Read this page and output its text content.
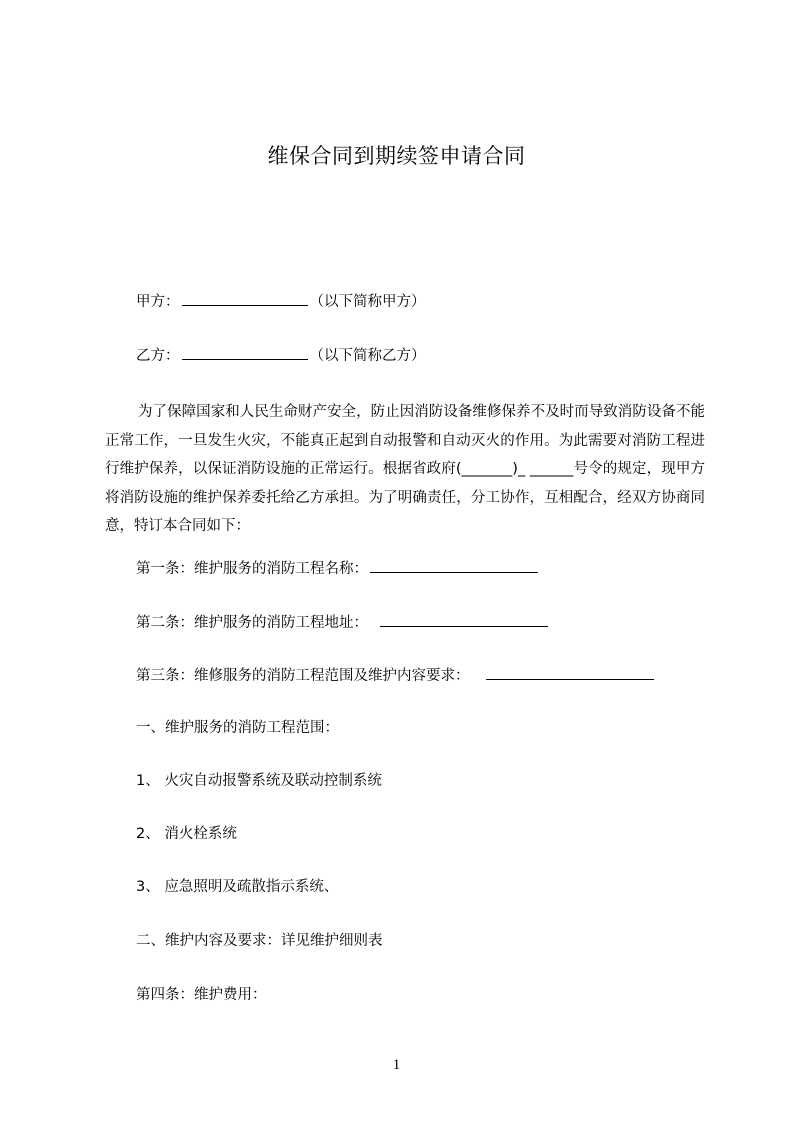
维保合同到期续签申请合同
甲方：	（以下简称甲方）
乙方：	（以下简称乙方）
为了保障国家和人民生命财产安全，防止因消防设备维修保养不及时而导致消防设备不能正常工作，一旦发生火灾，不能真正起到自动报警和自动灭火的作用。为此需要对消防工程进行维护保养，以保证消防设施的正常运行。根据省政府(_______)_ ______号令的规定，现甲方将消防设施的维护保养委托给乙方承担。为了明确责任，分工协作，互相配合，经双方协商同意，特订本合同如下：
第一条：维护服务的消防工程名称：
第二条：维护服务的消防工程地址：
第三条：维修服务的消防工程范围及维护内容要求：
一、维护服务的消防工程范围：
1、 火灾自动报警系统及联动控制系统
2、 消火栓系统
3、 应急照明及疏散指示系统、
二、维护内容及要求：详见维护细则表
第四条：维护费用：
1
